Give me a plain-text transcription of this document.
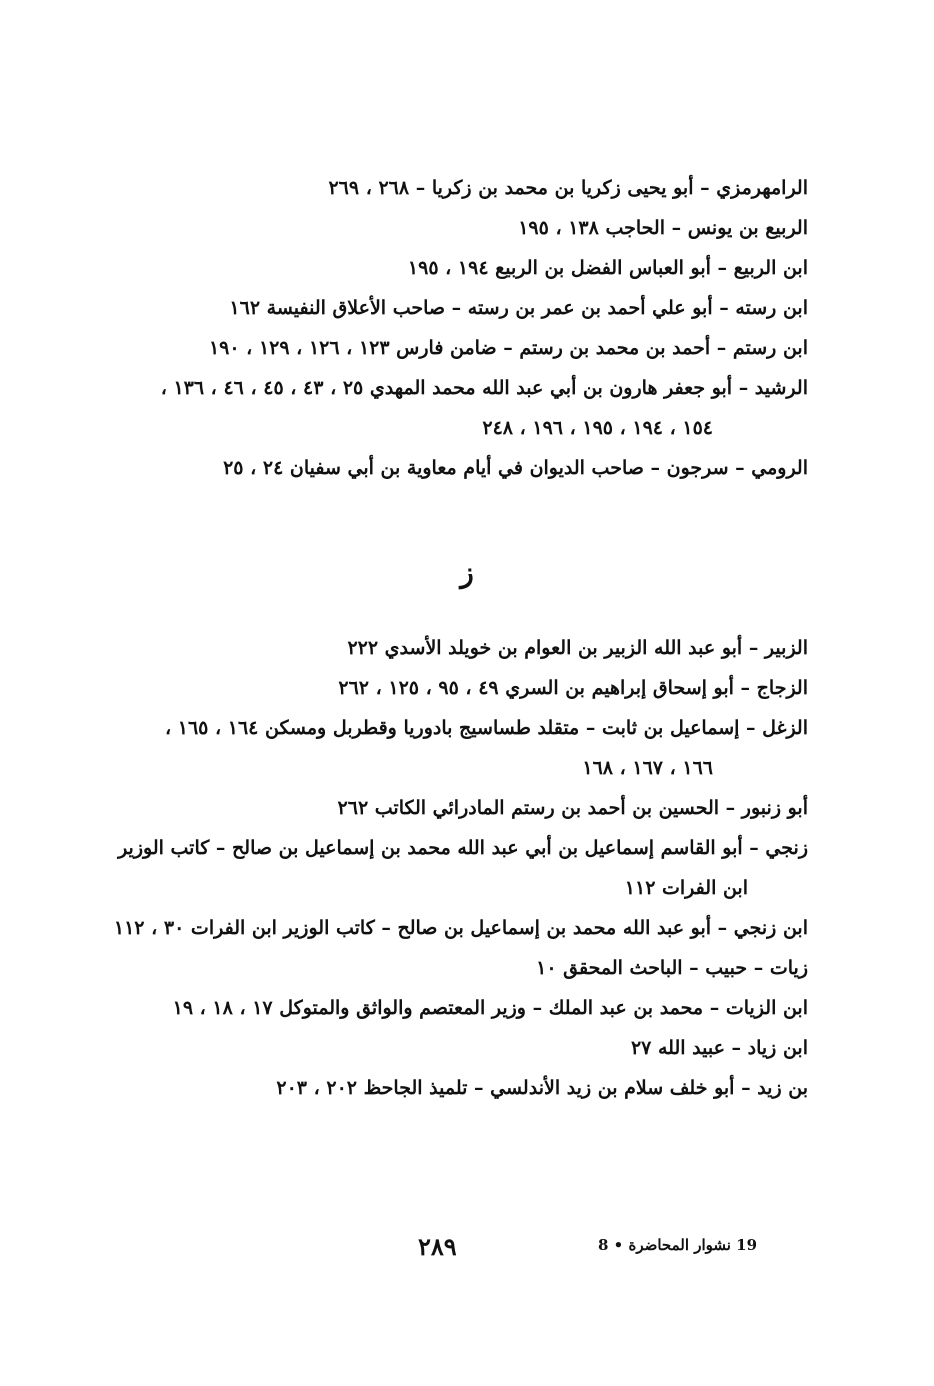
الرامهرمزي – أبو يحيى زكريا بن محمد بن زكريا – ٢٦٨ ، ٢٦٩
الربيع بن يونس – الحاجب ١٣٨ ، ١٩٥
ابن الربيع – أبو العباس الفضل بن الربيع ١٩٤ ، ١٩٥
ابن رسته – أبو علي أحمد بن عمر بن رسته – صاحب الأعلاق النفيسة ١٦٢
ابن رستم – أحمد بن محمد بن رستم – ضامن فارس ١٢٣ ، ١٢٦ ، ١٢٩ ، ١٩٠
الرشيد – أبو جعفر هارون بن أبي عبد الله محمد المهدي ٢٥ ، ٤٣ ، ٤٥ ، ٤٦ ، ١٣٦ ،
١٥٤ ، ١٩٤ ، ١٩٥ ، ١٩٦ ، ٢٤٨
الرومي – سرجون – صاحب الديوان في أيام معاوية بن أبي سفيان ٢٤ ، ٢٥
ز
الزبير – أبو عبد الله الزبير بن العوام بن خويلد الأسدي ٢٢٢
الزجاج – أبو إسحاق إبراهيم بن السري ٤٩ ، ٩٥ ، ١٢٥ ، ٢٦٢
الزغل – إسماعيل بن ثابت – متقلد طساسيج بادوريا وقطربل ومسكن ١٦٤ ، ١٦٥ ،
١٦٦ ، ١٦٧ ، ١٦٨
أبو زنبور – الحسين بن أحمد بن رستم المادرائي الكاتب ٢٦٢
زنجي – أبو القاسم إسماعيل بن أبي عبد الله محمد بن إسماعيل بن صالح – كاتب الوزير
ابن الفرات ١١٢
ابن زنجي – أبو عبد الله محمد بن إسماعيل بن صالح – كاتب الوزير ابن الفرات ٣٠ ، ١١٢
زيات – حبيب – الباحث المحقق ١٠
ابن الزيات – محمد بن عبد الملك – وزير المعتصم والواثق والمتوكل ١٧ ، ١٨ ، ١٩
ابن زياد – عبيد الله ٢٧
بن زيد – أبو خلف سلام بن زيد الأندلسي – تلميذ الجاحظ ٢٠٢ ، ٢٠٣
٢٨٩	19 نشوار المحاضرة • 8
